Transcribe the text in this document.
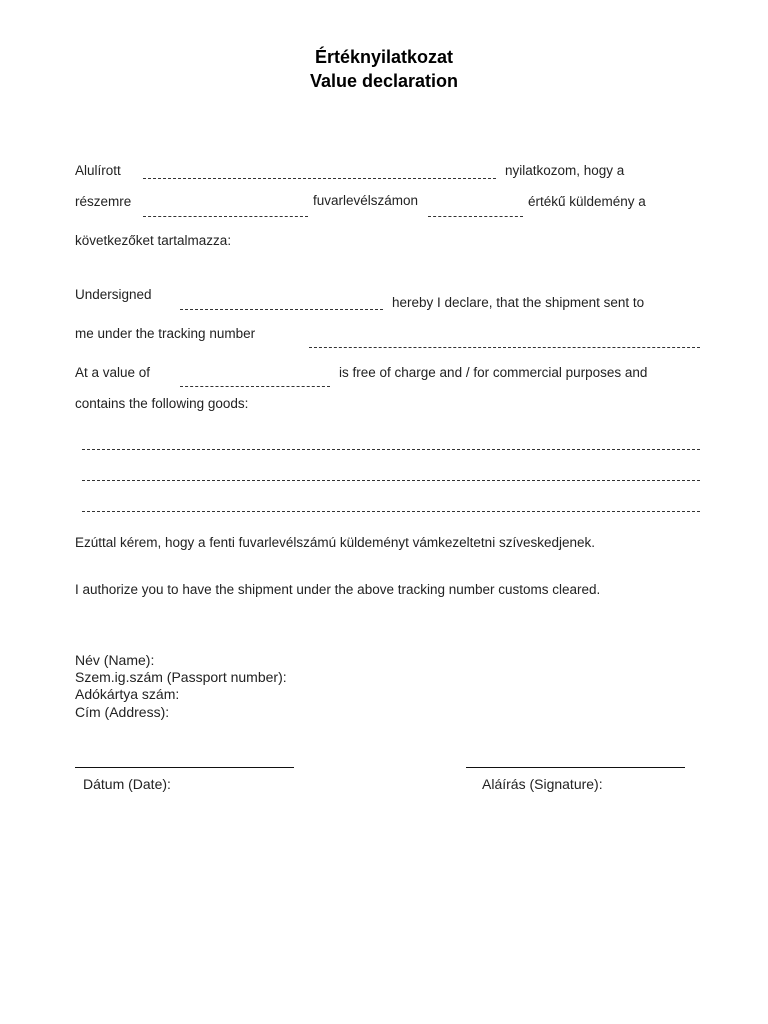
Értéknyilatkozat
Value declaration
Alulírott	nyilatkozom, hogy a
részemre	fuvarlevélszámon	értékű küldemény a
következőket tartalmazza:
Undersigned
hereby I declare, that the shipment sent to
me under the tracking number
At a value of	is free of charge and / for commercial purposes and
contains the following goods:
Ezúttal kérem, hogy a fenti fuvarlevélszámú küldeményt vámkezeltetni szíveskedjenek.
I authorize you to have the shipment under the above tracking number customs cleared.
Név (Name):
Szem.ig.szám (Passport number):
Adókártya szám:
Cím (Address):
Dátum (Date):	Aláírás (Signature):
